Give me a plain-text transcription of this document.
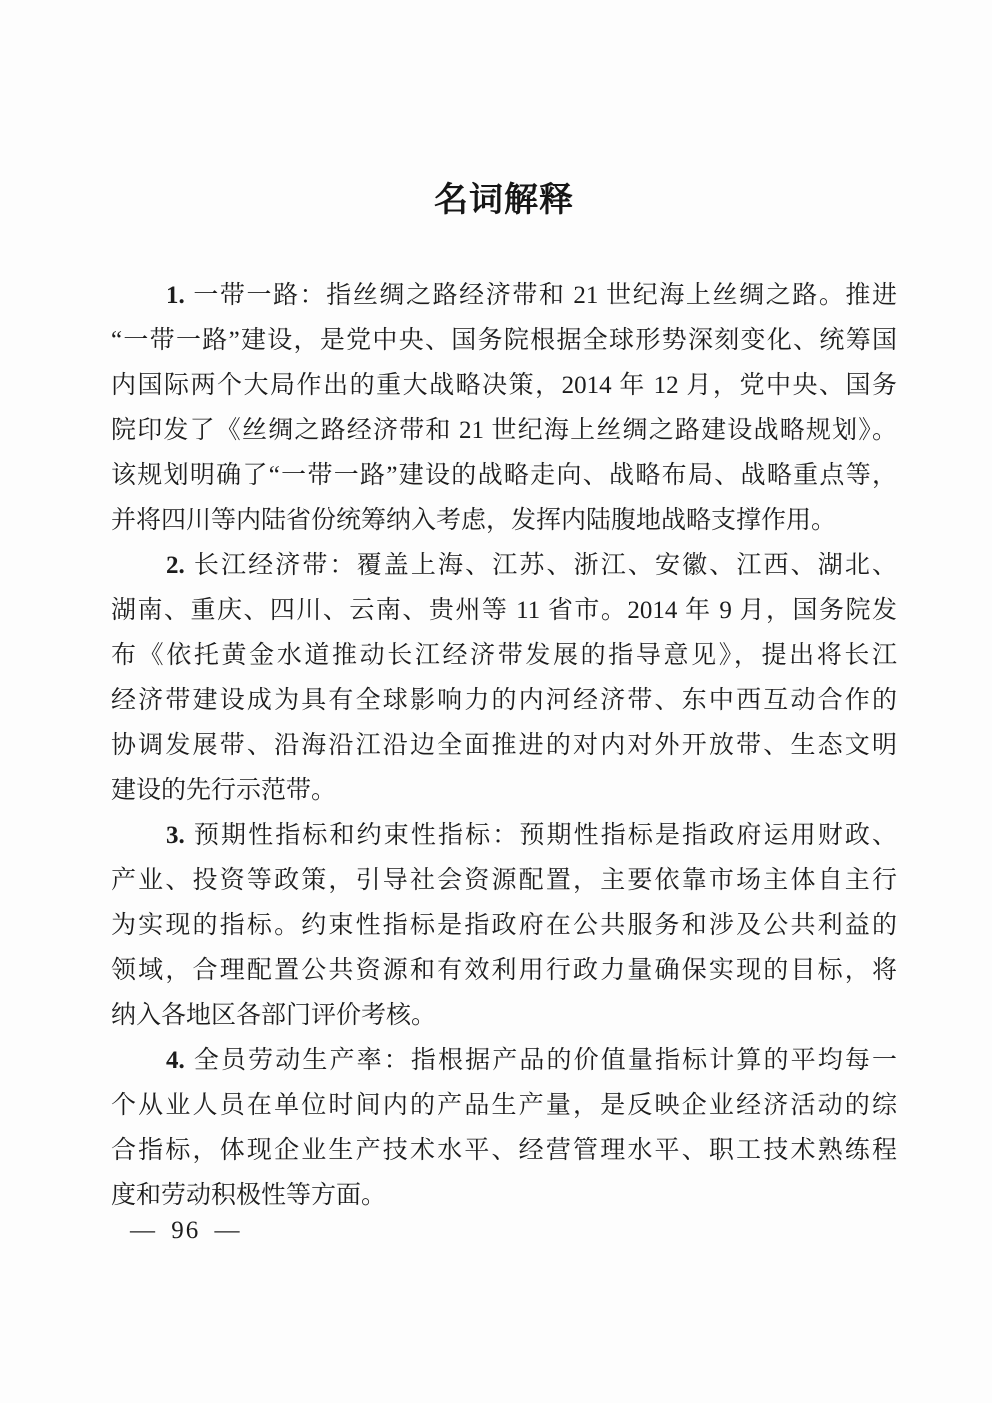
名词解释
1. 一带一路：指丝绸之路经济带和 21 世纪海上丝绸之路。推进
“一带一路”建设，是党中央、国务院根据全球形势深刻变化、统筹国
内国际两个大局作出的重大战略决策，2014 年 12 月，党中央、国务
院印发了《丝绸之路经济带和 21 世纪海上丝绸之路建设战略规划》。
该规划明确了“一带一路”建设的战略走向、战略布局、战略重点等，
并将四川等内陆省份统筹纳入考虑，发挥内陆腹地战略支撑作用。
2. 长江经济带：覆盖上海、江苏、浙江、安徽、江西、湖北、
湖南、重庆、四川、云南、贵州等 11 省市。2014 年 9 月，国务院发
布《依托黄金水道推动长江经济带发展的指导意见》，提出将长江
经济带建设成为具有全球影响力的内河经济带、东中西互动合作的
协调发展带、沿海沿江沿边全面推进的对内对外开放带、生态文明
建设的先行示范带。
3. 预期性指标和约束性指标：预期性指标是指政府运用财政、
产业、投资等政策，引导社会资源配置，主要依靠市场主体自主行
为实现的指标。约束性指标是指政府在公共服务和涉及公共利益的
领域，合理配置公共资源和有效利用行政力量确保实现的目标，将
纳入各地区各部门评价考核。
4. 全员劳动生产率：指根据产品的价值量指标计算的平均每一
个从业人员在单位时间内的产品生产量，是反映企业经济活动的综
合指标，体现企业生产技术水平、经营管理水平、职工技术熟练程
度和劳动积极性等方面。
— 96 —
